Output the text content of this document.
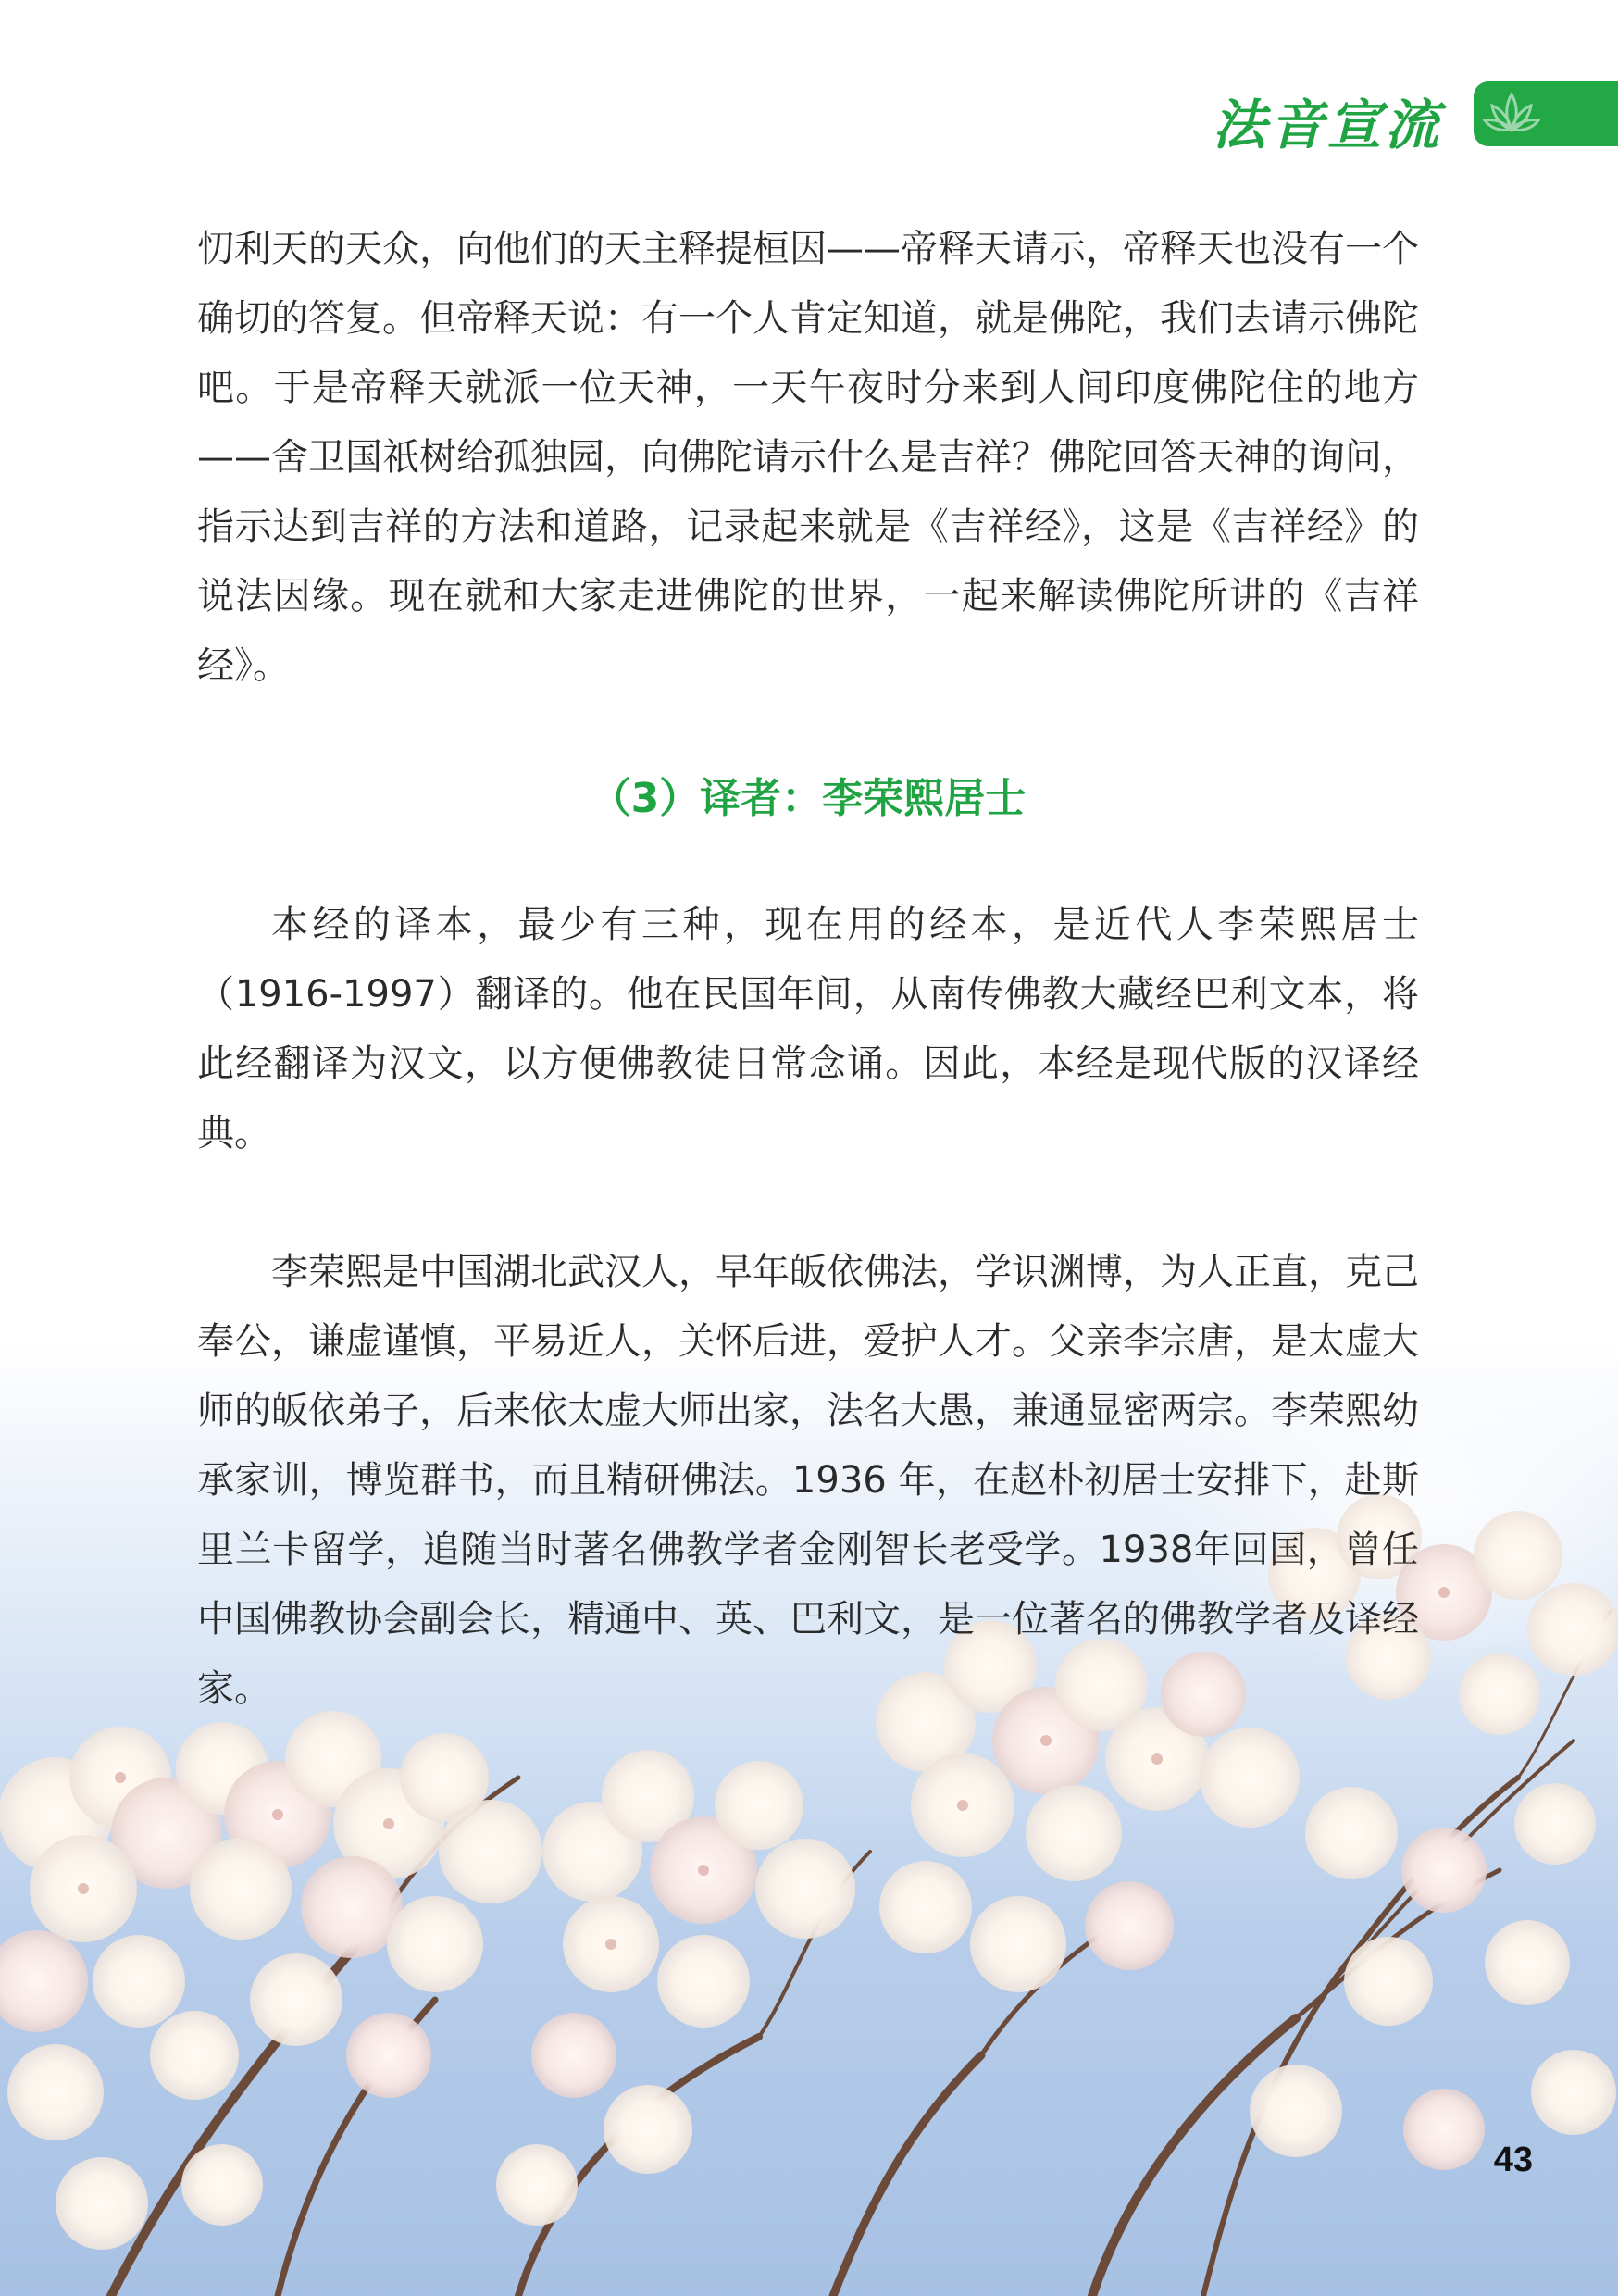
法音宣流

忉利天的天众，向他们的天主释提桓因——帝释天请示，帝释天也没有一个确切的答复。但帝释天说：有一个人肯定知道，就是佛陀，我们去请示佛陀吧。于是帝释天就派一位天神，一天午夜时分来到人间印度佛陀住的地方——舍卫国祇树给孤独园，向佛陀请示什么是吉祥？佛陀回答天神的询问，指示达到吉祥的方法和道路，记录起来就是《吉祥经》，这是《吉祥经》的说法因缘。现在就和大家走进佛陀的世界，一起来解读佛陀所讲的《吉祥经》。

（3）译者：李荣熙居士

本经的译本，最少有三种，现在用的经本，是近代人李荣熙居士（1916-1997）翻译的。他在民国年间，从南传佛教大藏经巴利文本，将此经翻译为汉文，以方便佛教徒日常念诵。因此，本经是现代版的汉译经典。

李荣熙是中国湖北武汉人，早年皈依佛法，学识渊博，为人正直，克己奉公，谦虚谨慎，平易近人，关怀后进，爱护人才。父亲李宗唐，是太虚大师的皈依弟子，后来依太虚大师出家，法名大愚，兼通显密两宗。李荣熙幼承家训，博览群书，而且精研佛法。1936 年，在赵朴初居士安排下，赴斯里兰卡留学，追随当时著名佛教学者金刚智长老受学。1938年回国，曾任中国佛教协会副会长，精通中、英、巴利文，是一位著名的佛教学者及译经家。

43
